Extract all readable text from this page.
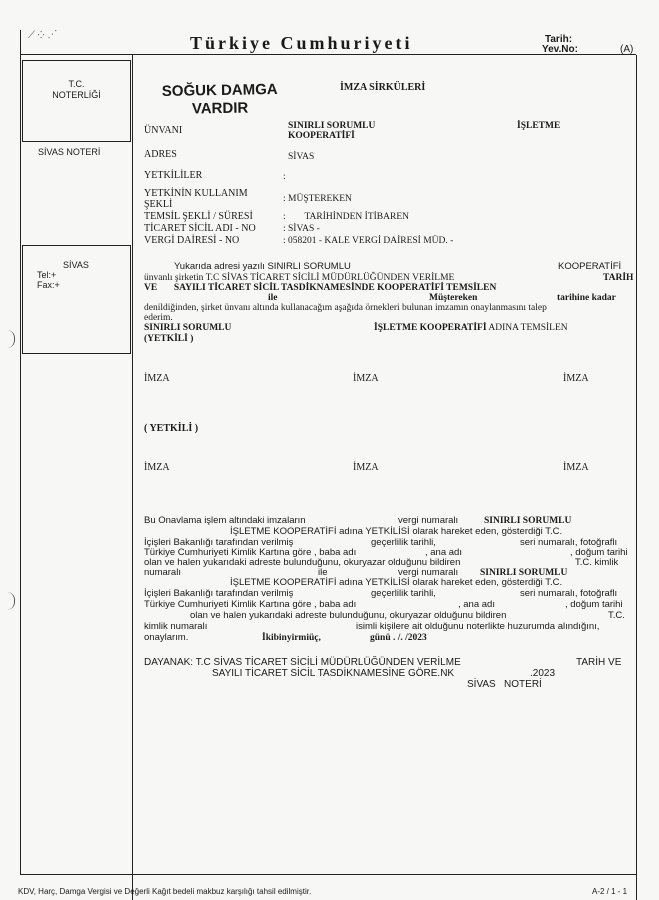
Türkiye Cumhuriyeti	Tarih:
Yev.No:	(A)
⟋ ⁘ ⋰
T.C.
NOTERLİĞİ
SİVAS NOTERİ
SİVAS
Tel:+
Fax:+
SOĞUK DAMGA
VARDIR
İMZA SİRKÜLERİ
ÜNVANI	SINIRLI SORUMLU	İŞLETME
KOOPERATİFİ
ADRES	SİVAS
YETKİLİLER	:
YETKİNİN KULLANIM ŞEKLİ	: MÜŞTEREKEN
TEMSİL ŞEKLİ / SÜRESİ	:        TARİHİNDEN İTİBAREN
TİCARET SİCİL ADI - NO	: SİVAS -
VERGİ DAİRESİ - NO	: 058201 - KALE VERGİ DAİRESİ MÜD. -
Yukarıda adresi yazılı SINIRLI SORUMLU	KOOPERATİFİ
ünvanlı şirketin T.C SİVAS TİCARET SİCİLİ MÜDÜRLÜĞÜNDEN VERİLME	TARİH
VE       SAYILI TİCARET SİCİL TASDİKNAMESİNDE KOOPERATİFİ TEMSİLEN
ile	Müştereken	tarihine kadar
denildiğinden, şirket ünvanı altında kullanacağım aşağıda örnekleri bulunan imzamın onaylanmasını talep
ederim.
SINIRLI SORUMLU	İŞLETME KOOPERATİFİ ADINA TEMSİLEN
(YETKİLİ )
İMZA	İMZA	İMZA
( YETKİLİ )
İMZA	İMZA	İMZA
Bu Onavlama işlem altındaki imzaların	vergi numaralı	SINIRLI SORUMLU
İŞLETME KOOPERATİFİ adına YETKİLİSİ olarak hareket eden, gösterdiği T.C.
İçişleri Bakanlığı tarafından verilmiş	geçerlilik tarihli,	seri numaralı, fotoğraflı
Türkiye Cumhuriyeti Kimlik Kartına göre , baba adı	, ana adı	, doğum tarihi
olan ve halen yukarıdaki adreste bulunduğunu, okuryazar olduğunu bildiren	T.C. kimlik
numaralı	ile	vergi numaralı SINIRLI SORUMLU
İŞLETME KOOPERATİFİ adına YETKİLİSİ olarak hareket eden, gösterdiği T.C.
İçişleri Bakanlığı tarafından verilmiş	geçerlilik tarihli,	seri numaralı, fotoğraflı
Türkiye Cumhuriyeti Kimlik Kartına göre , baba adı	, ana adı	, doğum tarihi
olan ve halen yukarıdaki adreste bulunduğunu, okuryazar olduğunu bildiren	T.C.
kimlik numaralı	isimli kişilere ait olduğunu noterlikte huzurumda alındığını,
onaylarım.	İkibinyirmiüç,	günü . /. /2023
DAYANAK: T.C SİVAS TİCARET SİCİLİ MÜDÜRLÜĞÜNDEN VERİLME	TARİH VE
SAYILI TİCARET SİCİL TASDİKNAMESİNE GÖRE.NK	.2023
SİVAS   NOTERİ
KDV, Harç, Damga Vergisi ve Değerli Kağıt bedeli makbuz karşılığı tahsil edilmiştir.	A-2 / 1 - 1
